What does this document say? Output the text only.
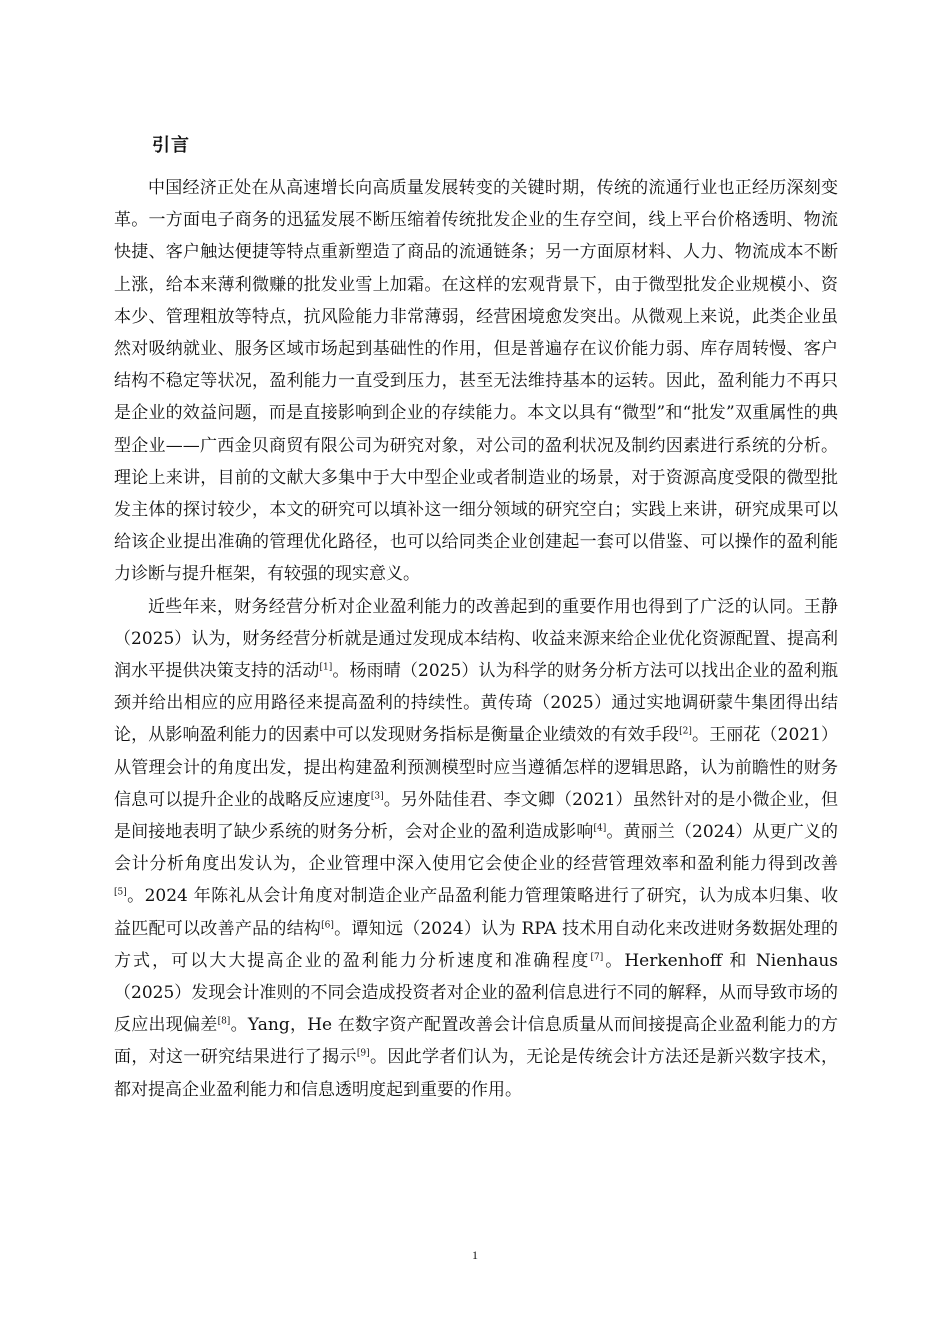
引言

中国经济正处在从高速增长向高质量发展转变的关键时期，传统的流通行业也正经历深刻变革。一方面电子商务的迅猛发展不断压缩着传统批发企业的生存空间，线上平台价格透明、物流快捷、客户触达便捷等特点重新塑造了商品的流通链条；另一方面原材料、人力、物流成本不断上涨，给本来薄利微赚的批发业雪上加霜。在这样的宏观背景下，由于微型批发企业规模小、资本少、管理粗放等特点，抗风险能力非常薄弱，经营困境愈发突出。从微观上来说，此类企业虽然对吸纳就业、服务区域市场起到基础性的作用，但是普遍存在议价能力弱、库存周转慢、客户结构不稳定等状况，盈利能力一直受到压力，甚至无法维持基本的运转。因此，盈利能力不再只是企业的效益问题，而是直接影响到企业的存续能力。本文以具有“微型”和“批发”双重属性的典型企业——广西金贝商贸有限公司为研究对象，对公司的盈利状况及制约因素进行系统的分析。理论上来讲，目前的文献大多集中于大中型企业或者制造业的场景，对于资源高度受限的微型批发主体的探讨较少，本文的研究可以填补这一细分领域的研究空白；实践上来讲，研究成果可以给该企业提出准确的管理优化路径，也可以给同类企业创建起一套可以借鉴、可以操作的盈利能力诊断与提升框架，有较强的现实意义。

近些年来，财务经营分析对企业盈利能力的改善起到的重要作用也得到了广泛的认同。王静（2025）认为，财务经营分析就是通过发现成本结构、收益来源来给企业优化资源配置、提高利润水平提供决策支持的活动[1]。杨雨晴（2025）认为科学的财务分析方法可以找出企业的盈利瓶颈并给出相应的应用路径来提高盈利的持续性。黄传琦（2025）通过实地调研蒙牛集团得出结论，从影响盈利能力的因素中可以发现财务指标是衡量企业绩效的有效手段[2]。王丽花（2021）从管理会计的角度出发，提出构建盈利预测模型时应当遵循怎样的逻辑思路，认为前瞻性的财务信息可以提升企业的战略反应速度[3]。另外陆佳君、李文卿（2021）虽然针对的是小微企业，但是间接地表明了缺少系统的财务分析，会对企业的盈利造成影响[4]。黄丽兰（2024）从更广义的会计分析角度出发认为，企业管理中深入使用它会使企业的经营管理效率和盈利能力得到改善[5]。2024 年陈礼从会计角度对制造企业产品盈利能力管理策略进行了研究，认为成本归集、收益匹配可以改善产品的结构[6]。谭知远（2024）认为 RPA 技术用自动化来改进财务数据处理的方式，可以大大提高企业的盈利能力分析速度和准确程度[7]。Herkenhoff 和 Nienhaus（2025）发现会计准则的不同会造成投资者对企业的盈利信息进行不同的解释，从而导致市场的反应出现偏差[8]。Yang，He 在数字资产配置改善会计信息质量从而间接提高企业盈利能力的方面，对这一研究结果进行了揭示[9]。因此学者们认为，无论是传统会计方法还是新兴数字技术，都对提高企业盈利能力和信息透明度起到重要的作用。

1
